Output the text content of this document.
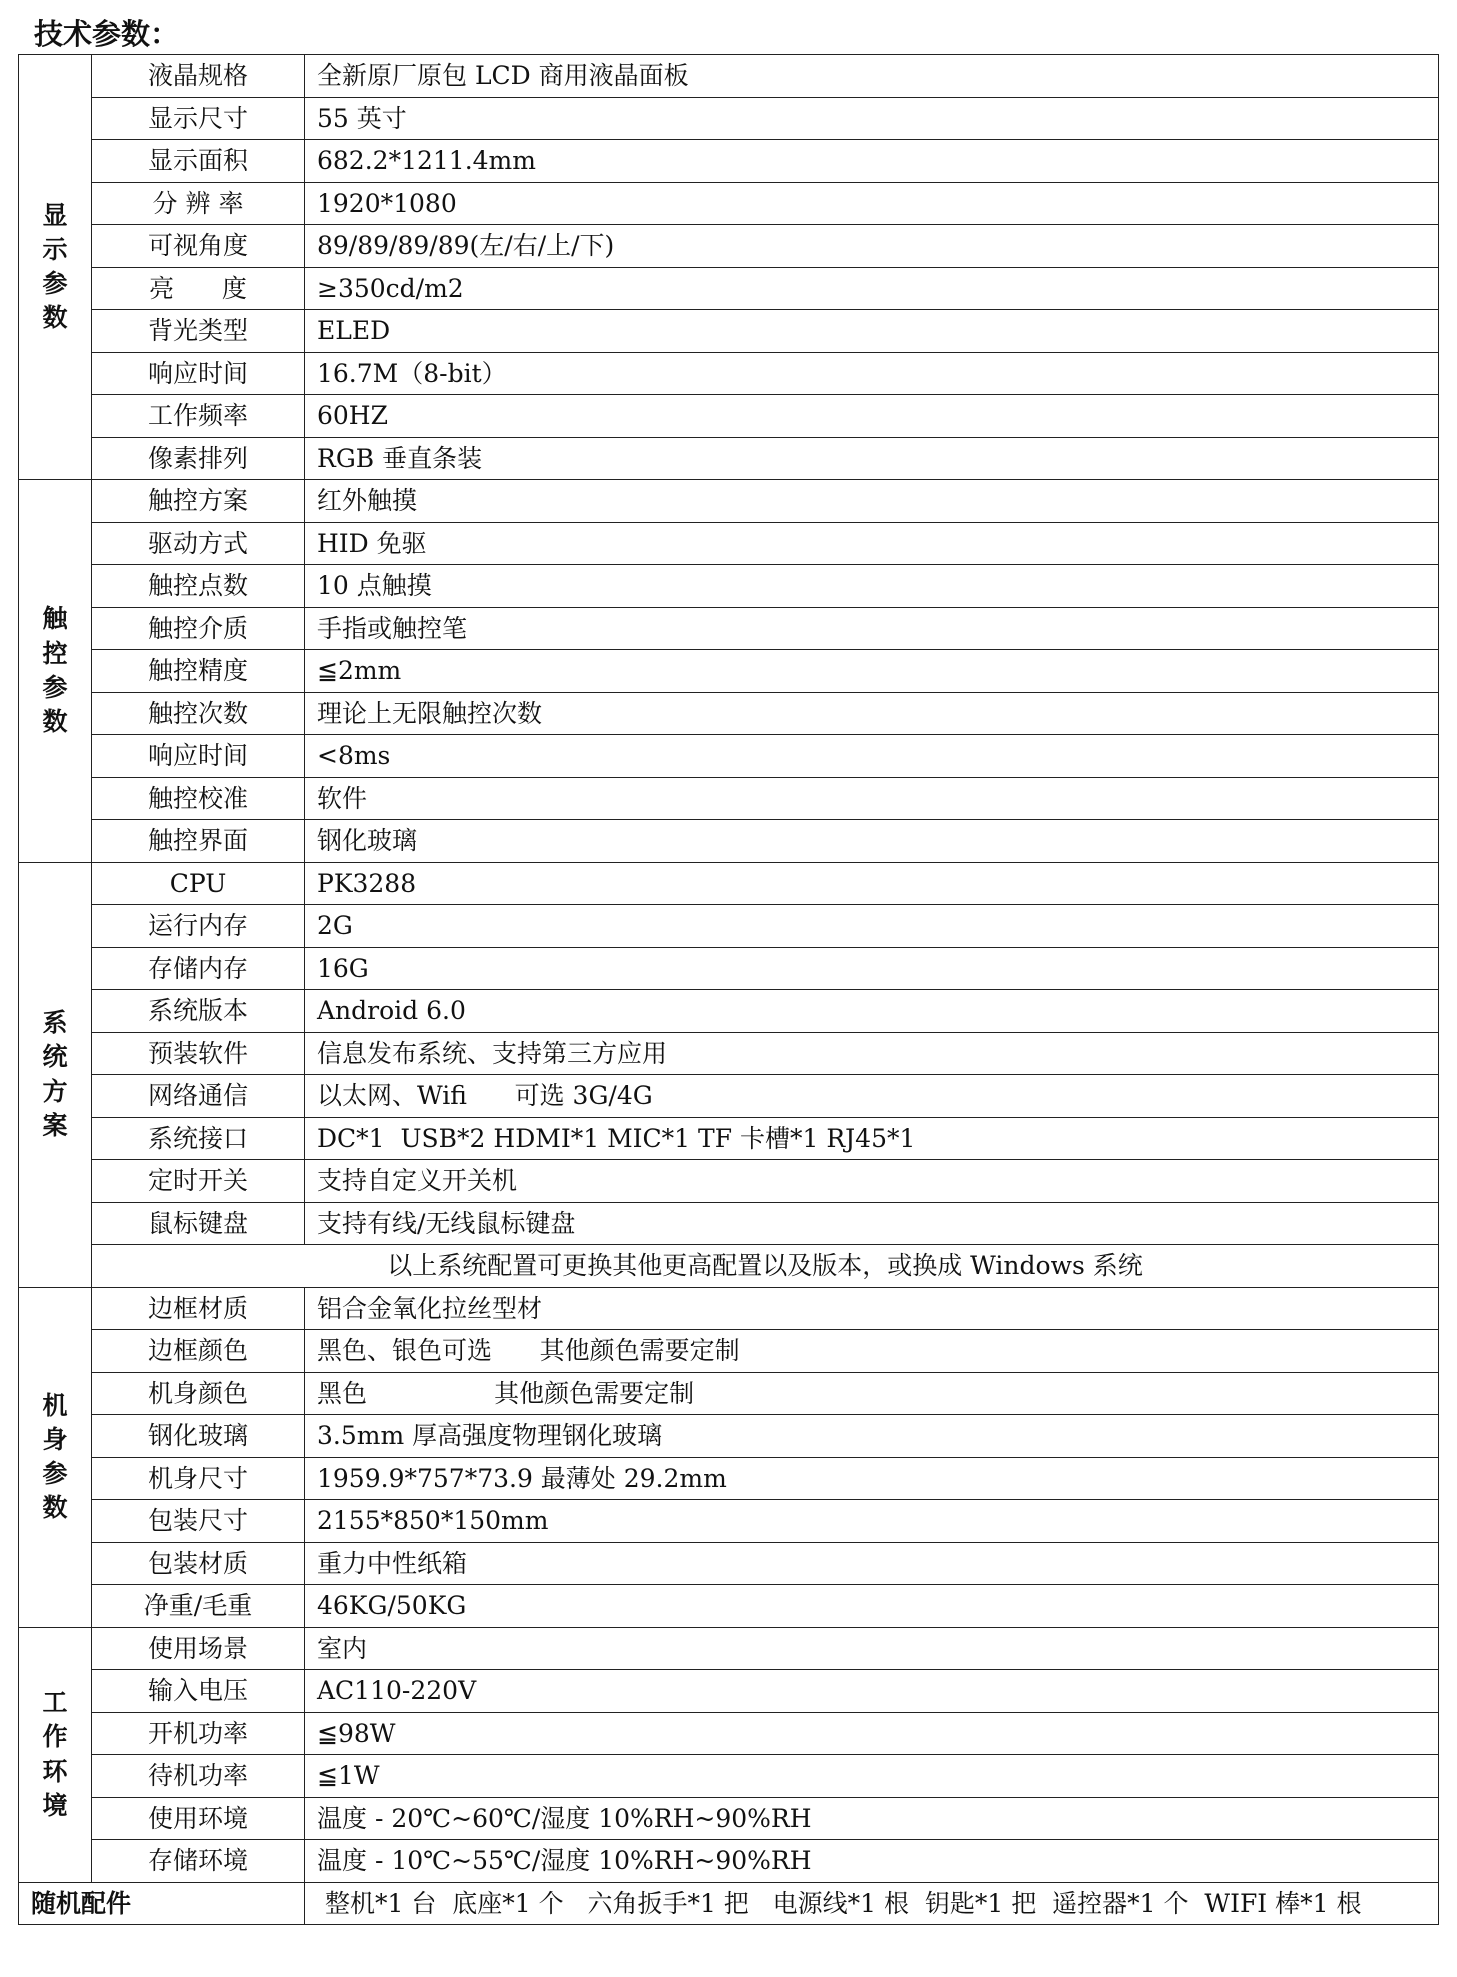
技术参数：
显示参数	液晶规格	全新原厂原包 LCD 商用液晶面板
	显示尺寸	55 英寸
	显示面积	682.2*1211.4mm
	分 辨 率	1920*1080
	可视角度	89/89/89/89(左/右/上/下)
	亮      度	≥350cd/m2
	背光类型	ELED
	响应时间	16.7M（8-bit）
	工作频率	60HZ
	像素排列	RGB 垂直条装

触控参数	触控方案	红外触摸
	驱动方式	HID 免驱
	触控点数	10 点触摸
	触控介质	手指或触控笔
	触控精度	≦2mm
	触控次数	理论上无限触控次数
	响应时间	<8ms
	触控校准	软件
	触控界面	钢化玻璃

系统方案	CPU	PK3288
	运行内存	2G
	存储内存	16G
	系统版本	Android 6.0
	预装软件	信息发布系统、支持第三方应用
	网络通信	以太网、Wifi      可选 3G/4G
	系统接口	DC*1  USB*2 HDMI*1 MIC*1 TF 卡槽*1 RJ45*1
	定时开关	支持自定义开关机
	鼠标键盘	支持有线/无线鼠标键盘
	以上系统配置可更换其他更高配置以及版本，或换成 Windows 系统	

机身参数	边框材质	铝合金氧化拉丝型材
	边框颜色	黑色、银色可选      其他颜色需要定制
	机身颜色	黑色                其他颜色需要定制
	钢化玻璃	3.5mm 厚高强度物理钢化玻璃
	机身尺寸	1959.9*757*73.9 最薄处 29.2mm
	包装尺寸	2155*850*150mm
	包装材质	重力中性纸箱
	净重/毛重	46KG/50KG

工作环境	使用场景	室内
	输入电压	AC110-220V
	开机功率	≦98W
	待机功率	≦1W
	使用环境	温度 - 20℃~60℃/湿度 10%RH~90%RH
	存储环境	温度 - 10℃~55℃/湿度 10%RH~90%RH
随机配件		整机*1 台  底座*1 个   六角扳手*1 把   电源线*1 根  钥匙*1 把  遥控器*1 个  WIFI 棒*1 根
